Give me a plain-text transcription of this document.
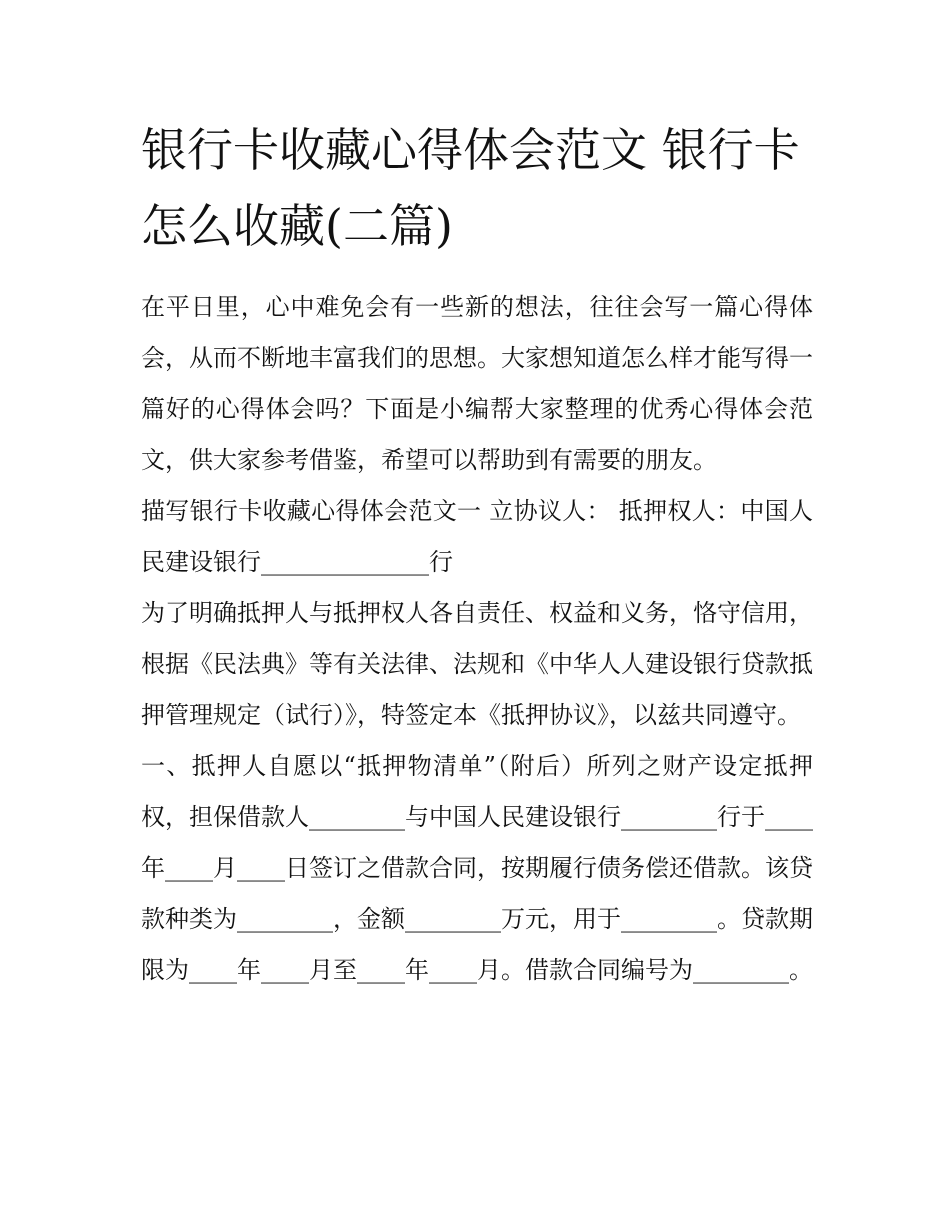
银行卡收藏心得体会范文 银行卡怎么收藏(二篇)

在平日里，心中难免会有一些新的想法，往往会写一篇心得体会，从而不断地丰富我们的思想。大家想知道怎么样才能写得一篇好的心得体会吗？下面是小编帮大家整理的优秀心得体会范文，供大家参考借鉴，希望可以帮助到有需要的朋友。

描写银行卡收藏心得体会范文一 立协议人： 抵押权人：中国人民建设银行______________行

为了明确抵押人与抵押权人各自责任、权益和义务，恪守信用，根据《民法典》等有关法律、法规和《中华人人建设银行贷款抵押管理规定（试行）》，特签定本《抵押协议》，以兹共同遵守。

一、抵押人自愿以“抵押物清单”（附后）所列之财产设定抵押权，担保借款人________与中国人民建设银行________行于____年____月____日签订之借款合同，按期履行债务偿还借款。该贷款种类为________，金额________万元，用于________。贷款期限为____年____月至____年____月。借款合同编号为________。
